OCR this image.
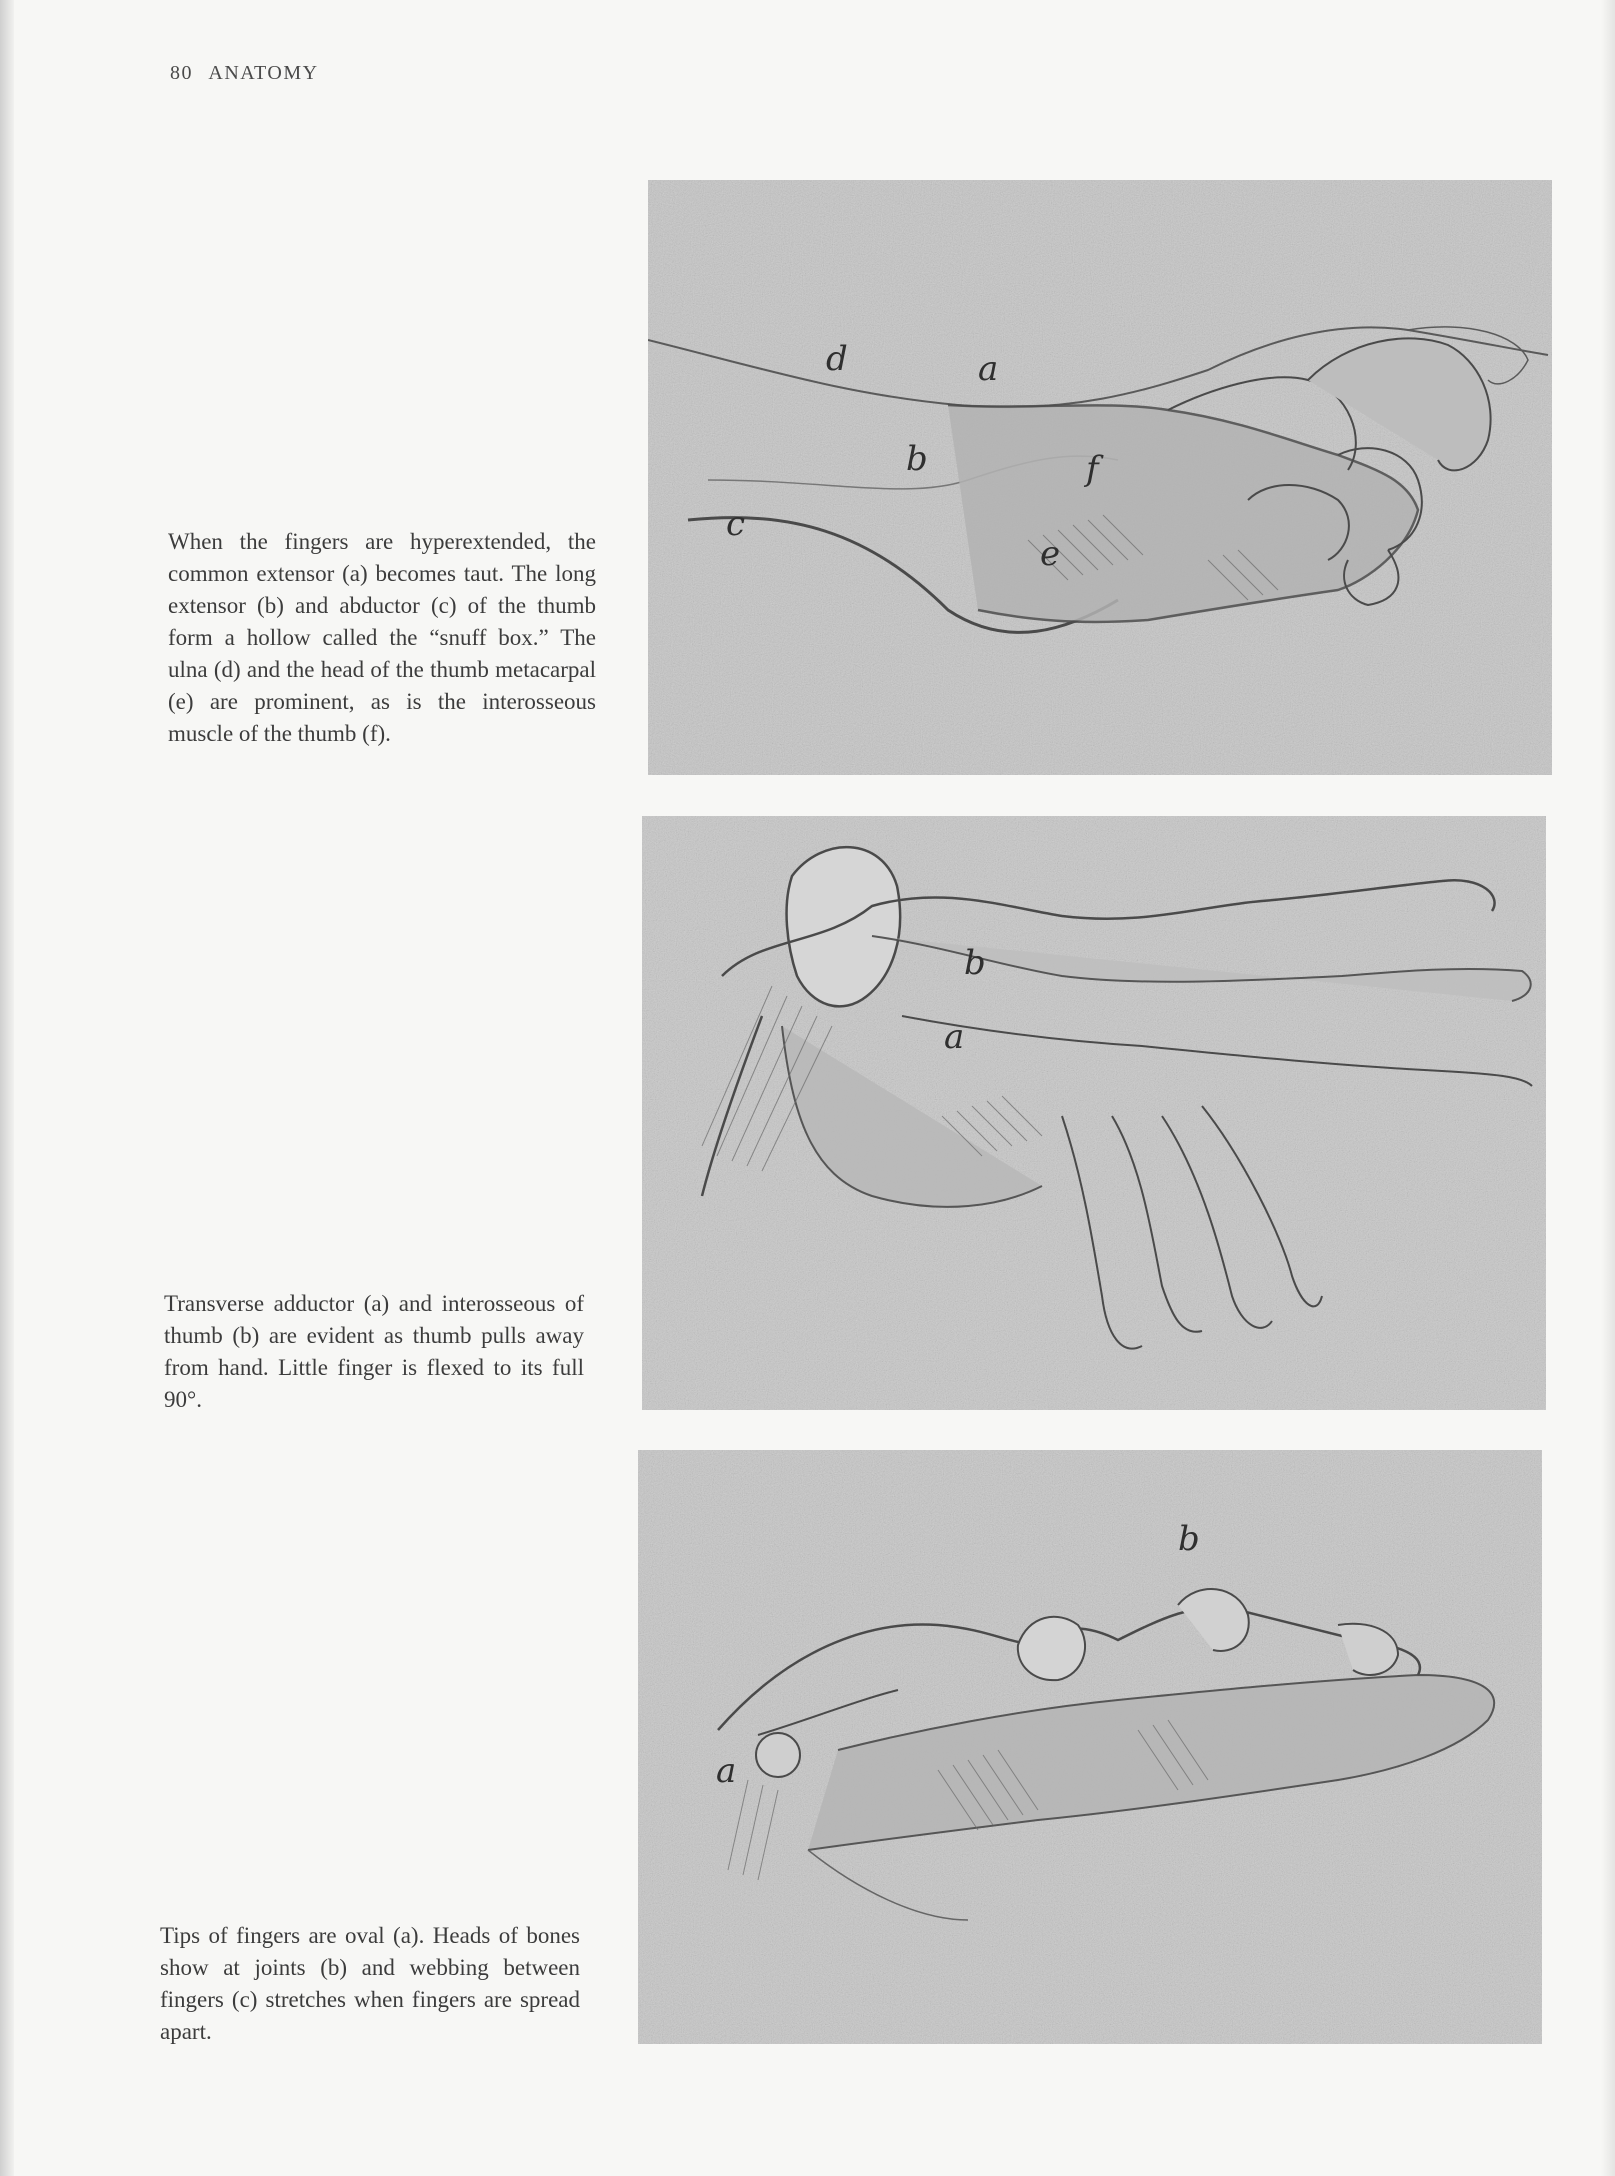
80 ANATOMY

When the fingers are hyperextended, the common extensor (a) becomes taut. The long extensor (b) and abductor (c) of the thumb form a hollow called the “snuff box.” The ulna (d) and the head of the thumb metacarpal (e) are prominent, as is the interosseous muscle of the thumb (f).

d	a
b	f
c
e

Transverse adductor (a) and interosseous of thumb (b) are evident as thumb pulls away from hand. Little finger is flexed to its full 90°.

b
a

Tips of fingers are oval (a). Heads of bones show at joints (b) and webbing between fingers (c) stretches when fingers are spread apart.

b
a
